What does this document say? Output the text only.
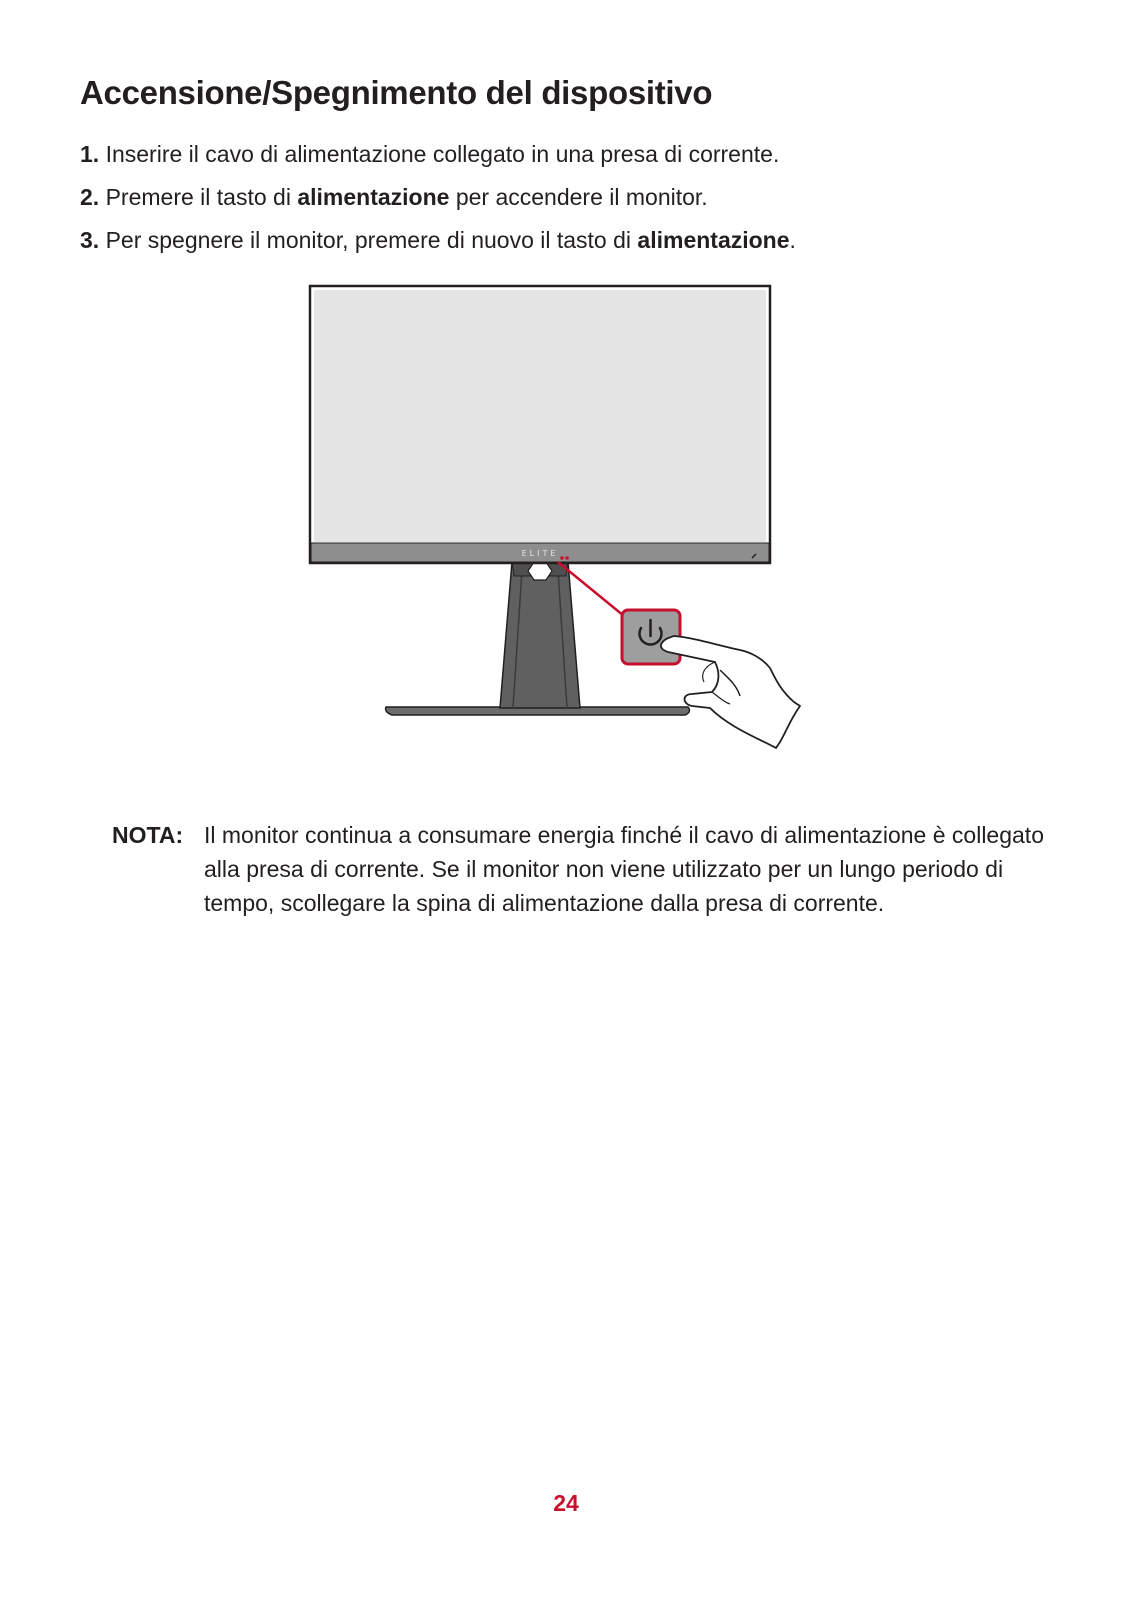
Accensione/Spegnimento del dispositivo
1. Inserire il cavo di alimentazione collegato in una presa di corrente.
2. Premere il tasto di alimentazione per accendere il monitor.
3. Per spegnere il monitor, premere di nuovo il tasto di alimentazione.
ELITE
NOTA: Il monitor continua a consumare energia finché il cavo di alimentazione è collegato alla presa di corrente. Se il monitor non viene utilizzato per un lungo periodo di tempo, scollegare la spina di alimentazione dalla presa di corrente.
24
